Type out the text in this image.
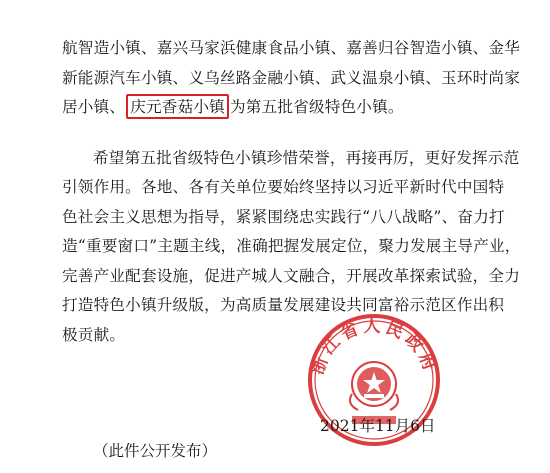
航智造小镇、嘉兴马家浜健康食品小镇、嘉善归谷智造小镇、金华
新能源汽车小镇、义乌丝路金融小镇、武义温泉小镇、玉环时尚家
居小镇、 庆元香菇小镇 为第五批省级特色小镇。
希望第五批省级特色小镇珍惜荣誉，再接再厉，更好发挥示范
引领作用。各地、各有关单位要始终坚持以习近平新时代中国特
色社会主义思想为指导，紧紧围绕忠实践行“八八战略”、奋力打
造“重要窗口”主题主线，准确把握发展定位，聚力发展主导产业，
完善产业配套设施，促进产城人文融合，开展改革探索试验，全力
打造特色小镇升级版，为高质量发展建设共同富裕示范区作出积
极贡献。
浙江省人民政府
2021年11月6日
（此件公开发布）
